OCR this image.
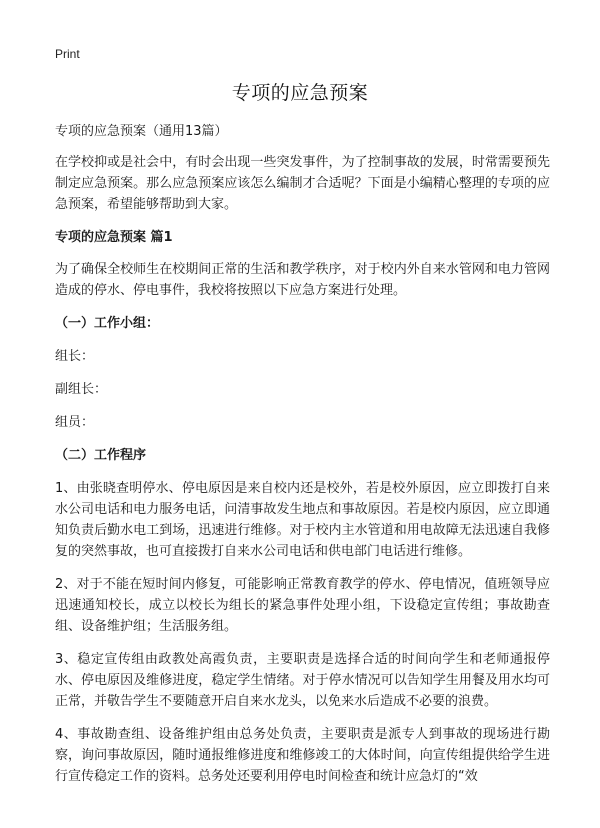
Print
专项的应急预案

专项的应急预案（通用13篇）

在学校抑或是社会中，有时会出现一些突发事件，为了控制事故的发展，时常需要预先制定应急预案。那么应急预案应该怎么编制才合适呢？下面是小编精心整理的专项的应急预案，希望能够帮助到大家。

专项的应急预案 篇1

为了确保全校师生在校期间正常的生活和教学秩序，对于校内外自来水管网和电力管网造成的停水、停电事件，我校将按照以下应急方案进行处理。

（一）工作小组：

组长：

副组长：

组员：

（二）工作程序

1、由张晓查明停水、停电原因是来自校内还是校外，若是校外原因，应立即拨打自来水公司电话和电力服务电话，问清事故发生地点和事故原因。若是校内原因，应立即通知负责后勤水电工到场，迅速进行维修。对于校内主水管道和用电故障无法迅速自我修复的突然事故，也可直接拨打自来水公司电话和供电部门电话进行维修。

2、对于不能在短时间内修复，可能影响正常教育教学的停水、停电情况，值班领导应迅速通知校长，成立以校长为组长的紧急事件处理小组，下设稳定宣传组；事故勘查组、设备维护组；生活服务组。

3、稳定宣传组由政教处高霞负责，主要职责是选择合适的时间向学生和老师通报停水、停电原因及维修进度，稳定学生情绪。对于停水情况可以告知学生用餐及用水均可正常，并敬告学生不要随意开启自来水龙头，以免来水后造成不必要的浪费。

4、事故勘查组、设备维护组由总务处负责，主要职责是派专人到事故的现场进行勘察，询问事故原因，随时通报维修进度和维修竣工的大体时间，向宣传组提供给学生进行宣传稳定工作的资料。总务处还要利用停电时间检查和统计应急灯的“效
